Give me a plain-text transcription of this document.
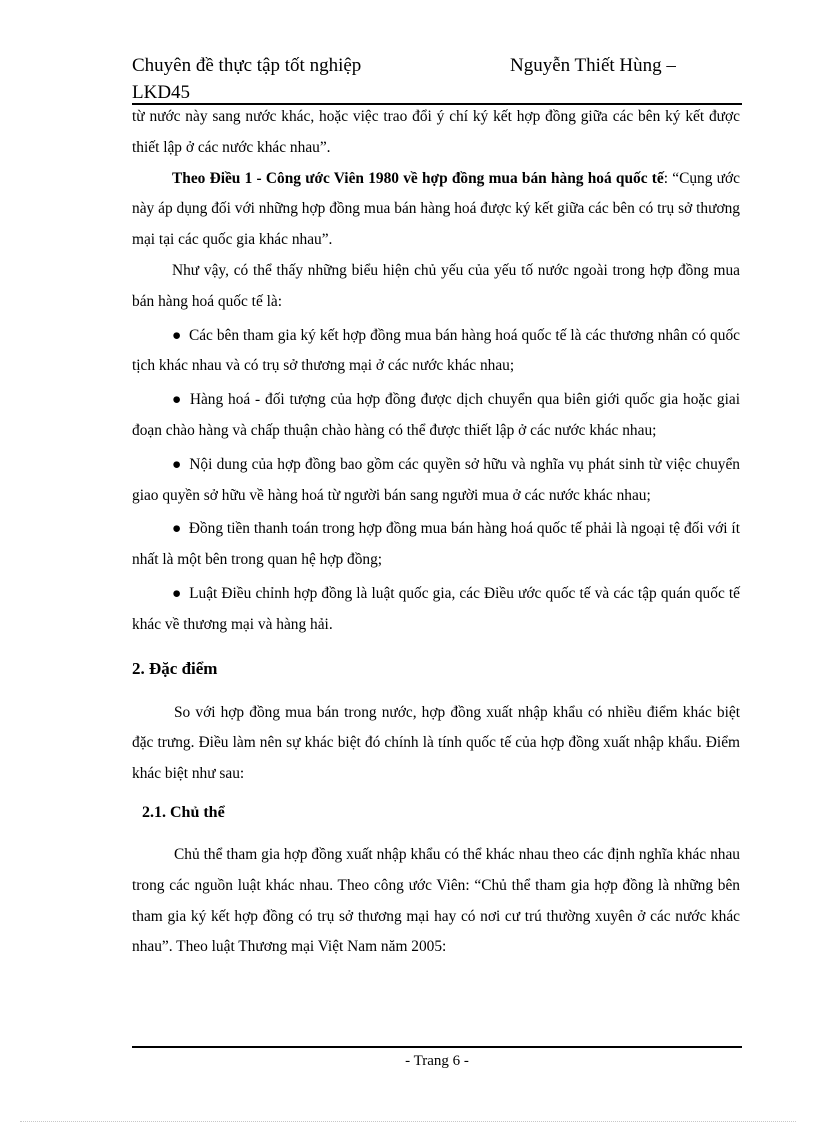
Chuyên đề thực tập tốt nghiệp	Nguyễn Thiết Hùng –
LKD45

từ nước này sang nước khác, hoặc việc trao đổi ý chí ký kết hợp đồng giữa các bên ký kết được thiết lập ở các nước khác nhau”.

Theo Điều 1 - Công ước Viên 1980 về hợp đồng mua bán hàng hoá quốc tế: “Cụng ước này áp dụng đối với những hợp đồng mua bán hàng hoá được ký kết giữa các bên có trụ sở thương mại tại các quốc gia khác nhau”.

Như vậy, có thể thấy những biểu hiện chủ yếu của yếu tố nước ngoài trong hợp đồng mua bán hàng hoá quốc tế là:

● Các bên tham gia ký kết hợp đồng mua bán hàng hoá quốc tế là các thương nhân có quốc tịch khác nhau và có trụ sở thương mại ở các nước khác nhau;

● Hàng hoá - đối tượng của hợp đồng được dịch chuyển qua biên giới quốc gia hoặc giai đoạn chào hàng và chấp thuận chào hàng có thể được thiết lập ở các nước khác nhau;

● Nội dung của hợp đồng bao gồm các quyền sở hữu và nghĩa vụ phát sinh từ việc chuyển giao quyền sở hữu về hàng hoá từ người bán sang người mua ở các nước khác nhau;

● Đồng tiền thanh toán trong hợp đồng mua bán hàng hoá quốc tế phải là ngoại tệ đối với ít nhất là một bên trong quan hệ hợp đồng;

● Luật Điều chỉnh hợp đồng là luật quốc gia, các Điều ước quốc tế và các tập quán quốc tế khác về thương mại và hàng hải.

2. Đặc điểm

So với hợp đồng mua bán trong nước, hợp đồng xuất nhập khẩu có nhiều điểm khác biệt đặc trưng. Điều làm nên sự khác biệt đó chính là tính quốc tế của hợp đồng xuất nhập khẩu. Điểm khác biệt như sau:

2.1. Chủ thể

Chủ thể tham gia hợp đồng xuất nhập khẩu có thể khác nhau theo các định nghĩa khác nhau trong các nguồn luật khác nhau. Theo công ước Viên: “Chủ thể tham gia hợp đồng là những bên tham gia ký kết hợp đồng có trụ sở thương mại hay có nơi cư trú thường xuyên ở các nước khác nhau”. Theo luật Thương mại Việt Nam năm 2005:

- Trang 6 -
